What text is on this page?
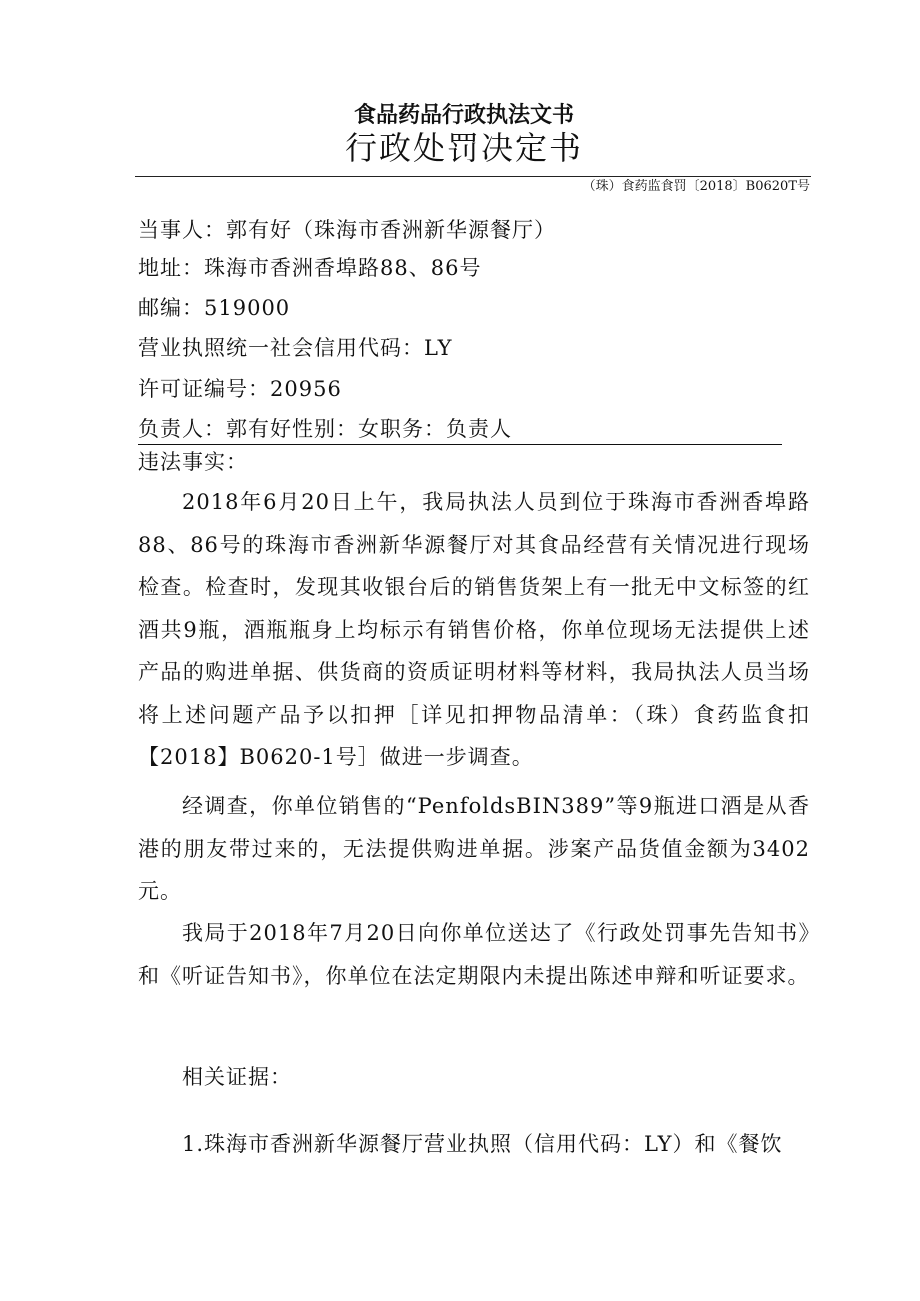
食品药品行政执法文书
行政处罚决定书
（珠）食药监食罚〔2018〕B0620T号
当事人：郭有好（珠海市香洲新华源餐厅）
地址：珠海市香洲香埠路88、86号
邮编：519000
营业执照统一社会信用代码：LY
许可证编号：20956
负责人：郭有好性别：女职务：负责人
违法事实：

2018年6月20日上午，我局执法人员到位于珠海市香洲香埠路88、86号的珠海市香洲新华源餐厅对其食品经营有关情况进行现场检查。检查时，发现其收银台后的销售货架上有一批无中文标签的红酒共9瓶，酒瓶瓶身上均标示有销售价格，你单位现场无法提供上述产品的购进单据、供货商的资质证明材料等材料，我局执法人员当场将上述问题产品予以扣押［详见扣押物品清单：（珠）食药监食扣【2018】B0620-1号］做进一步调查。

经调查，你单位销售的“PenfoldsBIN389”等9瓶进口酒是从香港的朋友带过来的，无法提供购进单据。涉案产品货值金额为3402元。

我局于2018年7月20日向你单位送达了《行政处罚事先告知书》和《听证告知书》，你单位在法定期限内未提出陈述申辩和听证要求。

相关证据：
1.珠海市香洲新华源餐厅营业执照（信用代码：LY）和《餐饮
